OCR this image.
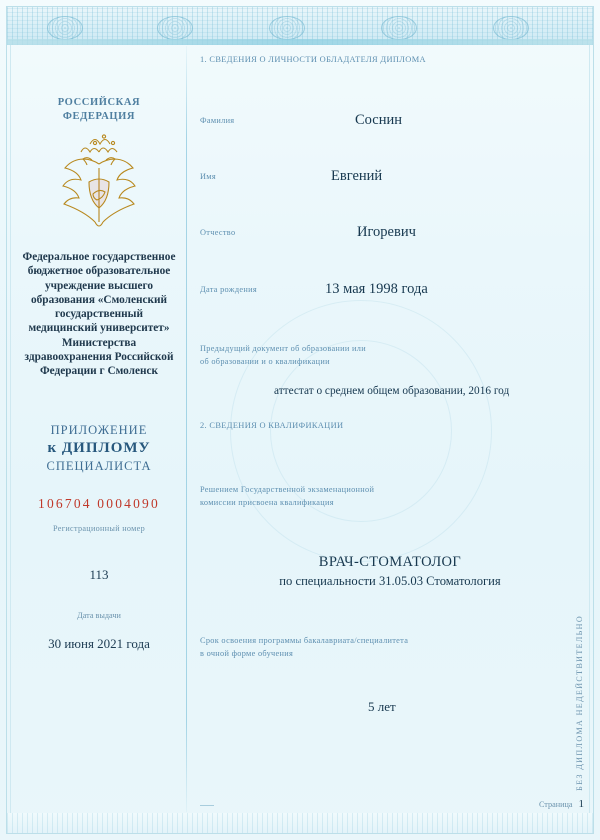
РОССИЙСКАЯ
ФЕДЕРАЦИЯ
Федеральное государственное бюджетное образовательное учреждение высшего образования «Смоленский государственный медицинский университет» Министерства здравоохранения Российской Федерации г Смоленск
ПРИЛОЖЕНИЕ
к ДИПЛОМУ
СПЕЦИАЛИСТА
106704 0004090
Регистрационный номер
113
Дата выдачи
30 июня 2021 года
1. СВЕДЕНИЯ О ЛИЧНОСТИ ОБЛАДАТЕЛЯ ДИПЛОМА
Фамилия	Соснин
Имя	Евгений
Отчество	Игоревич
Дата рождения	13 мая 1998 года
Предыдущий документ об образовании или
об образовании и о квалификации
аттестат о среднем общем образовании, 2016 год
2. СВЕДЕНИЯ О КВАЛИФИКАЦИИ
Решением Государственной экзаменационной
комиссии присвоена квалификация
ВРАЧ-СТОМАТОЛОГ
по специальности 31.05.03 Стоматология
Срок освоения программы бакалавриата/специалитета
в очной форме обучения
5 лет	БЕЗ ДИПЛОМА НЕДЕЙСТВИТЕЛЬНО
Страница 1
